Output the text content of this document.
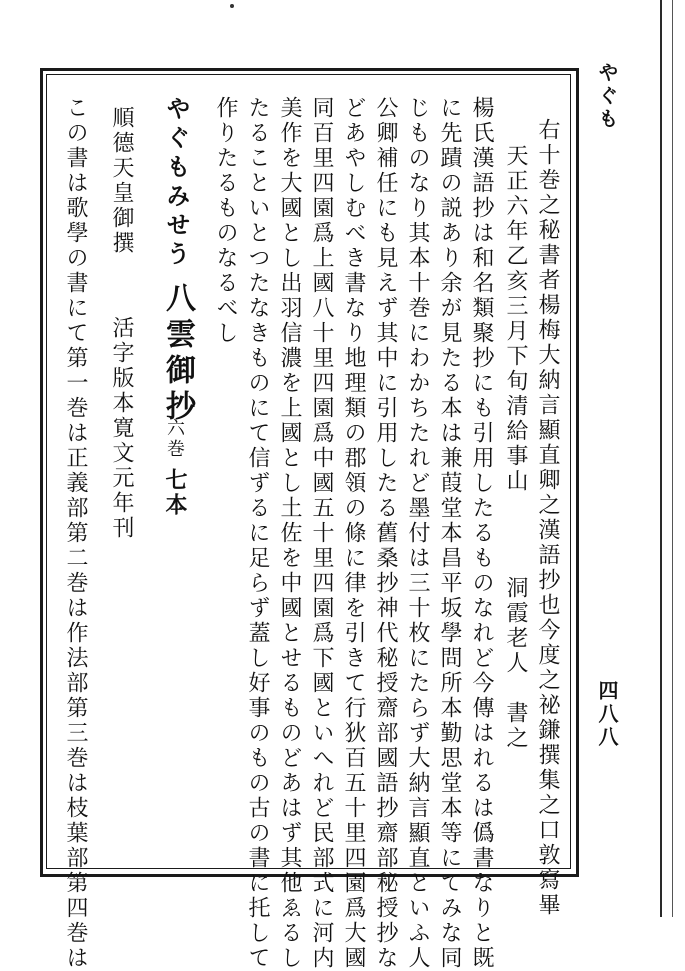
やぐも
四八八
右十巻之秘書者楊梅大納言顯直卿之漢語抄也今度之祕鎌撰集之口敦寫畢
天正六年乙亥三月下旬清給事山
洞霞老人　書之
楊氏漢語抄は和名類聚抄にも引用したるものなれど今傳はれるは僞書なりと既
に先蹟の説あり余が見たる本は兼葭堂本昌平坂學問所本勤思堂本等にてみな同
じものなり其本十巻にわかちたれど墨付は三十枚にたらず大納言顯直といふ人
公卿補任にも見えず其中に引用したる舊桑抄神代秘授齋部國語抄齋部秘授抄な
どあやしむべき書なり地理類の郡領の條に律を引きて行狄百五十里四園爲大國
同百里四園爲上國八十里四園爲中國五十里四園爲下國といへれど民部式に河内
美作を大國とし出羽信濃を上國とし土佐を中國とせるものどあはず其他ゑるし
たることいとつたなきものにて信ずるに足らず蓋し好事のもの古の書に托して
作りたるものなるべし
やぐもみせう
八雲御抄
六巻
七本
順德天皇御撰
活字版本寛文元年刊
この書は歌學の書にて第一巻は正義部第二巻は作法部第三巻は枝葉部第四巻は
